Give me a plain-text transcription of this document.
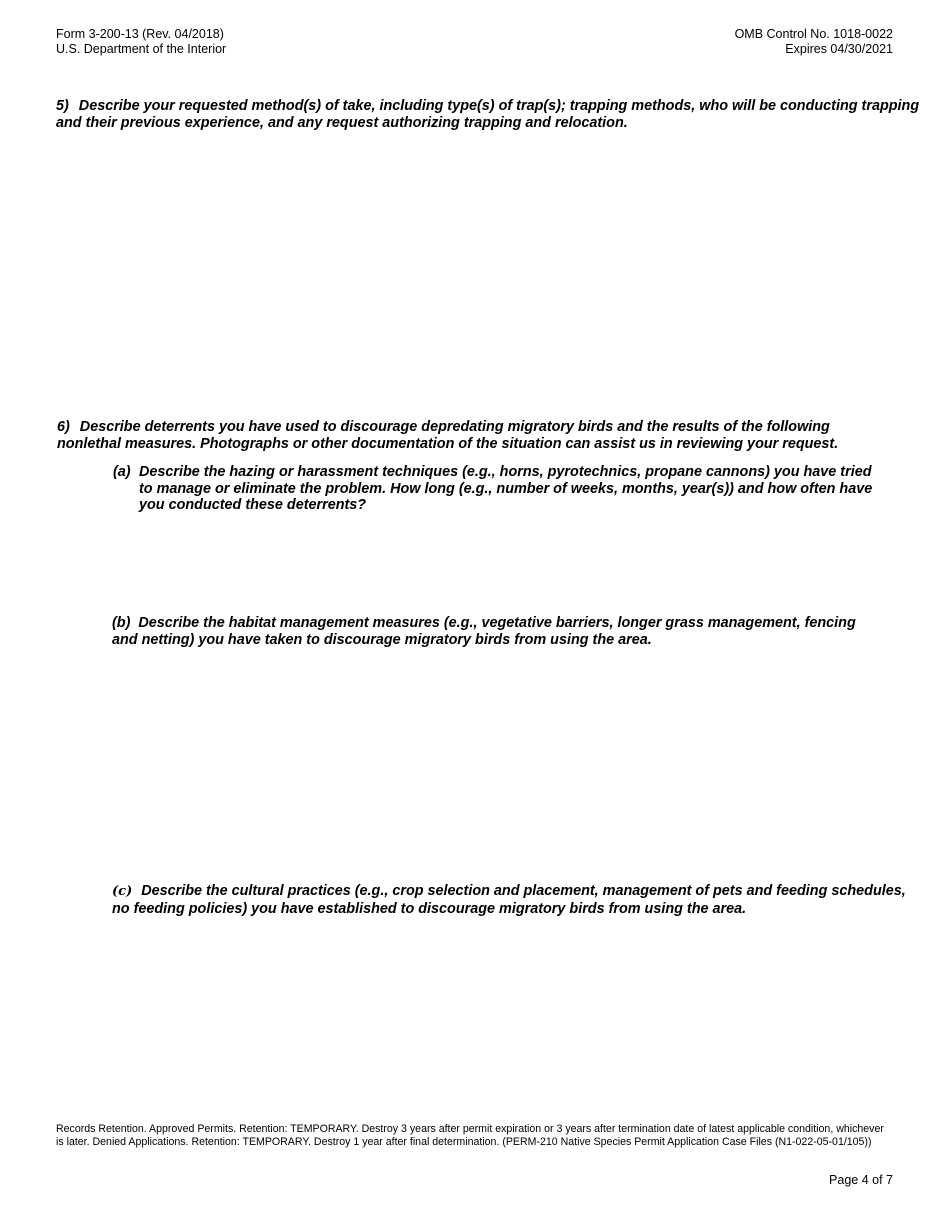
Form 3-200-13 (Rev. 04/2018)
U.S. Department of the Interior
OMB Control No. 1018-0022
Expires 04/30/2021
5) Describe your requested method(s) of take, including type(s) of trap(s); trapping methods, who will be conducting trapping and their previous experience, and any request authorizing trapping and relocation.
6) Describe deterrents you have used to discourage depredating migratory birds and the results of the following nonlethal measures. Photographs or other documentation of the situation can assist us in reviewing your request.
(a) Describe the hazing or harassment techniques (e.g., horns, pyrotechnics, propane cannons) you have tried to manage or eliminate the problem. How long (e.g., number of weeks, months, year(s)) and how often have you conducted these deterrents?
(b) Describe the habitat management measures (e.g., vegetative barriers, longer grass management, fencing and netting) you have taken to discourage migratory birds from using the area.
(c) Describe the cultural practices (e.g., crop selection and placement, management of pets and feeding schedules, no feeding policies) you have established to discourage migratory birds from using the area.
Records Retention. Approved Permits. Retention: TEMPORARY. Destroy 3 years after permit expiration or 3 years after termination date of latest applicable condition, whichever is later. Denied Applications. Retention: TEMPORARY. Destroy 1 year after final determination. (PERM-210 Native Species Permit Application Case Files (N1-022-05-01/105))
Page 4 of 7
